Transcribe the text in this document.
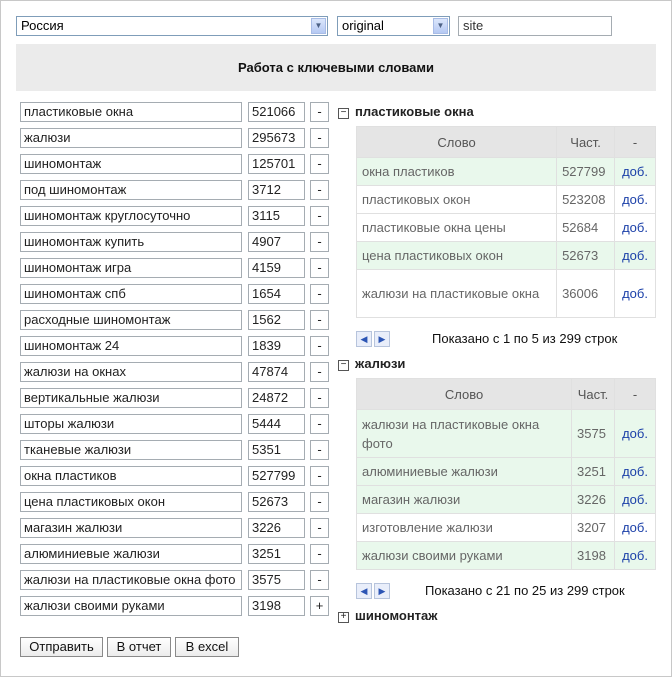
Россия	▼	original	▼	site
Работа с ключевыми словами
пластиковые окна	521066	-
жалюзи	295673	-
шиномонтаж	125701	-
под шиномонтаж	3712	-
шиномонтаж круглосуточно	3115	-
шиномонтаж купить	4907	-
шиномонтаж игра	4159	-
шиномонтаж спб	1654	-
расходные шиномонтаж	1562	-
шиномонтаж 24	1839	-
жалюзи на окнах	47874	-
вертикальные жалюзи	24872	-
шторы жалюзи	5444	-
тканевые жалюзи	5351	-
окна пластиков	527799	-
цена пластиковых окон	52673	-
магазин жалюзи	3226	-
алюминиевые жалюзи	3251	-
жалюзи на пластиковые окна фото	3575	-
жалюзи своими руками	3198	+
Отправить	В отчет	В excel
− пластиковые окна
Слово	Част.	-
окна пластиков	527799	доб.
пластиковых окон	523208	доб.
пластиковые окна цены	52684	доб.
цена пластиковых окон	52673	доб.
жалюзи на пластиковые окна	36006	доб.
◀	▶	Показано с 1 по 5 из 299 строк
− жалюзи
Слово	Част.	-
жалюзи на пластиковые окна фото	3575	доб.
алюминиевые жалюзи	3251	доб.
магазин жалюзи	3226	доб.
изготовление жалюзи	3207	доб.
жалюзи своими руками	3198	доб.
◀	▶	Показано с 21 по 25 из 299 строк
+ шиномонтаж
